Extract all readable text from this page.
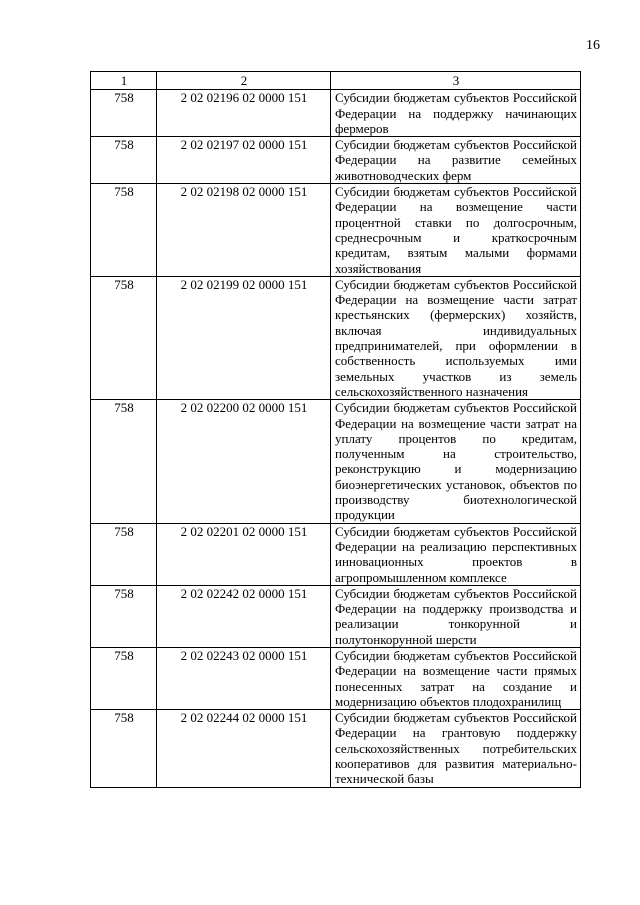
16
1	2	3
758	2 02 02196 02 0000 151	Субсидии бюджетам субъектов Российской Федерации на поддержку начинающих фермеров
758	2 02 02197 02 0000 151	Субсидии бюджетам субъектов Российской Федерации на развитие семейных животноводческих ферм
758	2 02 02198 02 0000 151	Субсидии бюджетам субъектов Российской Федерации на возмещение части процентной ставки по долгосрочным, среднесрочным и краткосрочным кредитам, взятым малыми формами хозяйствования
758	2 02 02199 02 0000 151	Субсидии бюджетам субъектов Российской Федерации на возмещение части затрат крестьянских (фермерских) хозяйств, включая индивидуальных предпринимателей, при оформлении в собственность используемых ими земельных участков из земель сельскохозяйственного назначения
758	2 02 02200 02 0000 151	Субсидии бюджетам субъектов Российской Федерации на возмещение части затрат на уплату процентов по кредитам, полученным на строительство, реконструкцию и модернизацию биоэнергетических установок, объектов по производству биотехнологической продукции
758	2 02 02201 02 0000 151	Субсидии бюджетам субъектов Российской Федерации на реализацию перспективных инновационных проектов в агропромышленном комплексе
758	2 02 02242 02 0000 151	Субсидии бюджетам субъектов Российской Федерации на поддержку производства и реализации тонкорунной и полутонкорунной шерсти
758	2 02 02243 02 0000 151	Субсидии бюджетам субъектов Российской Федерации на возмещение части прямых понесенных затрат на создание и модернизацию объектов плодохранилищ
758	2 02 02244 02 0000 151	Субсидии бюджетам субъектов Российской Федерации на грантовую поддержку сельскохозяйственных потребительских кооперативов для развития материально-технической базы
